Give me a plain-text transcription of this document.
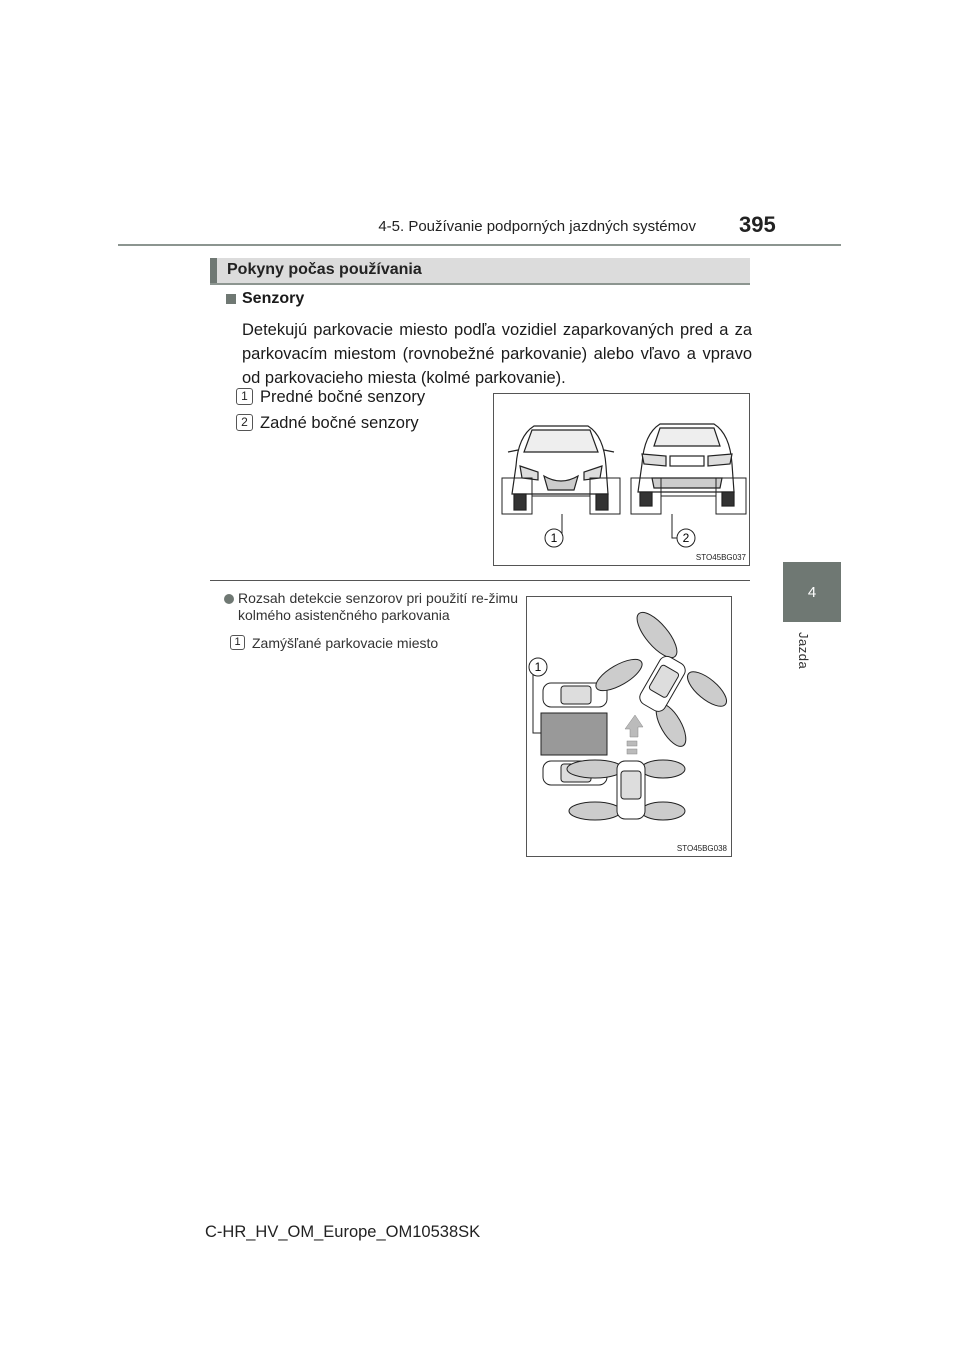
4-5. Používanie podporných jazdných systémov 395
4
Jazda
Pokyny počas používania
Senzory
Detekujú parkovacie miesto podľa vozidiel zaparkovaných pred a za parkovacím miestom (rovnobežné parkovanie) alebo vľavo a vpravo od parkovacieho miesta (kolmé parkovanie).
1 Predné bočné senzory
2 Zadné bočné senzory
1	2
STO45BG037
Rozsah detekcie senzorov pri použití re-žimu kolmého asistenčného parkovania
1 Zamýšľané parkovacie miesto
1
STO45BG038
C-HR_HV_OM_Europe_OM10538SK
